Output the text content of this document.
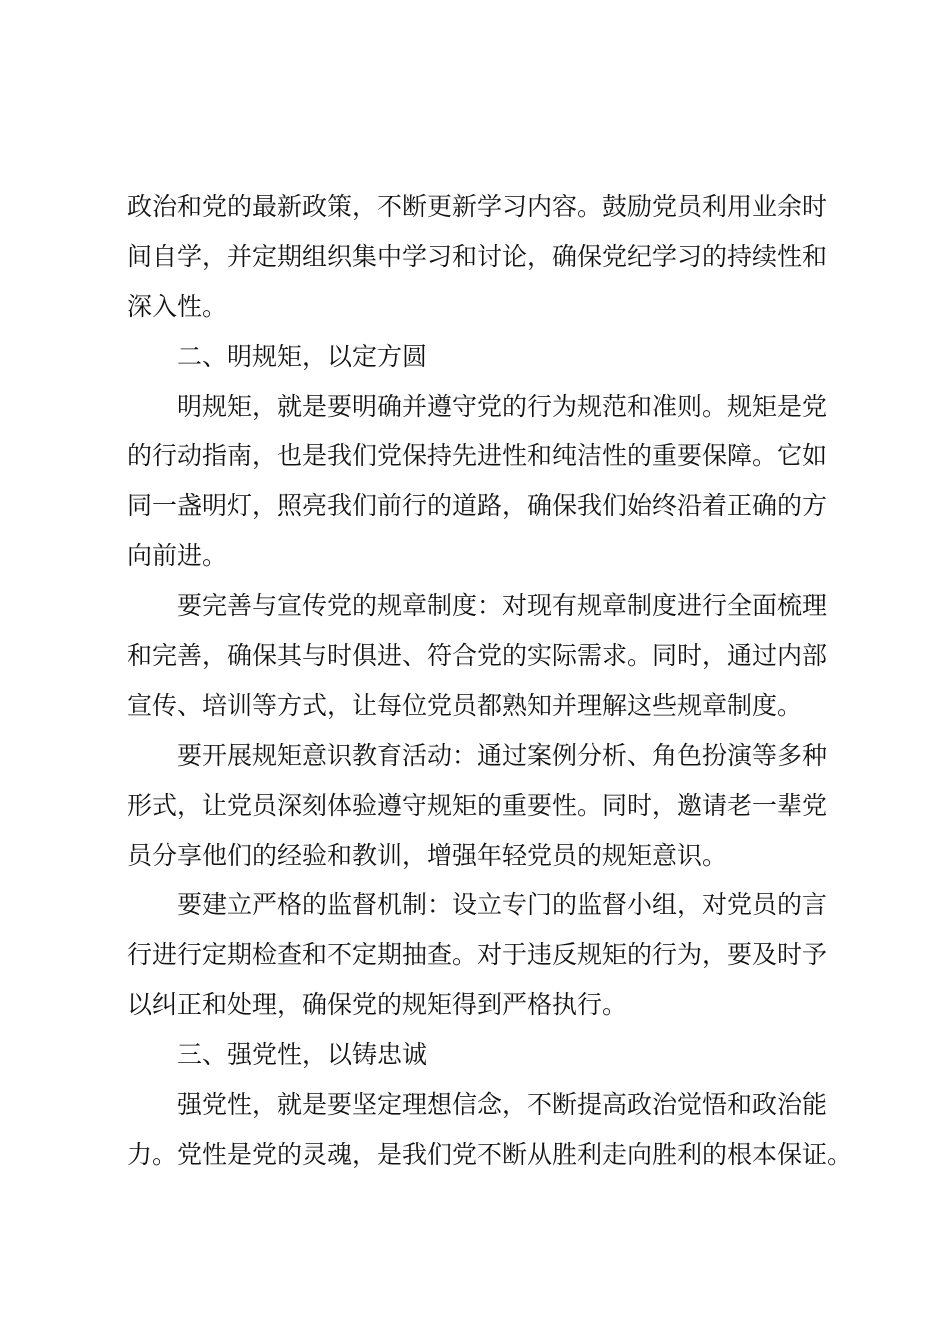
政治和党的最新政策，不断更新学习内容。鼓励党员利用业余时
间自学，并定期组织集中学习和讨论，确保党纪学习的持续性和
深入性。
二、明规矩，以定方圆
明规矩，就是要明确并遵守党的行为规范和准则。规矩是党
的行动指南，也是我们党保持先进性和纯洁性的重要保障。它如
同一盏明灯，照亮我们前行的道路，确保我们始终沿着正确的方
向前进。
要完善与宣传党的规章制度：对现有规章制度进行全面梳理
和完善，确保其与时俱进、符合党的实际需求。同时，通过内部
宣传、培训等方式，让每位党员都熟知并理解这些规章制度。
要开展规矩意识教育活动：通过案例分析、角色扮演等多种
形式，让党员深刻体验遵守规矩的重要性。同时，邀请老一辈党
员分享他们的经验和教训，增强年轻党员的规矩意识。
要建立严格的监督机制：设立专门的监督小组，对党员的言
行进行定期检查和不定期抽查。对于违反规矩的行为，要及时予
以纠正和处理，确保党的规矩得到严格执行。
三、强党性，以铸忠诚
强党性，就是要坚定理想信念，不断提高政治觉悟和政治能
力。党性是党的灵魂，是我们党不断从胜利走向胜利的根本保证。
